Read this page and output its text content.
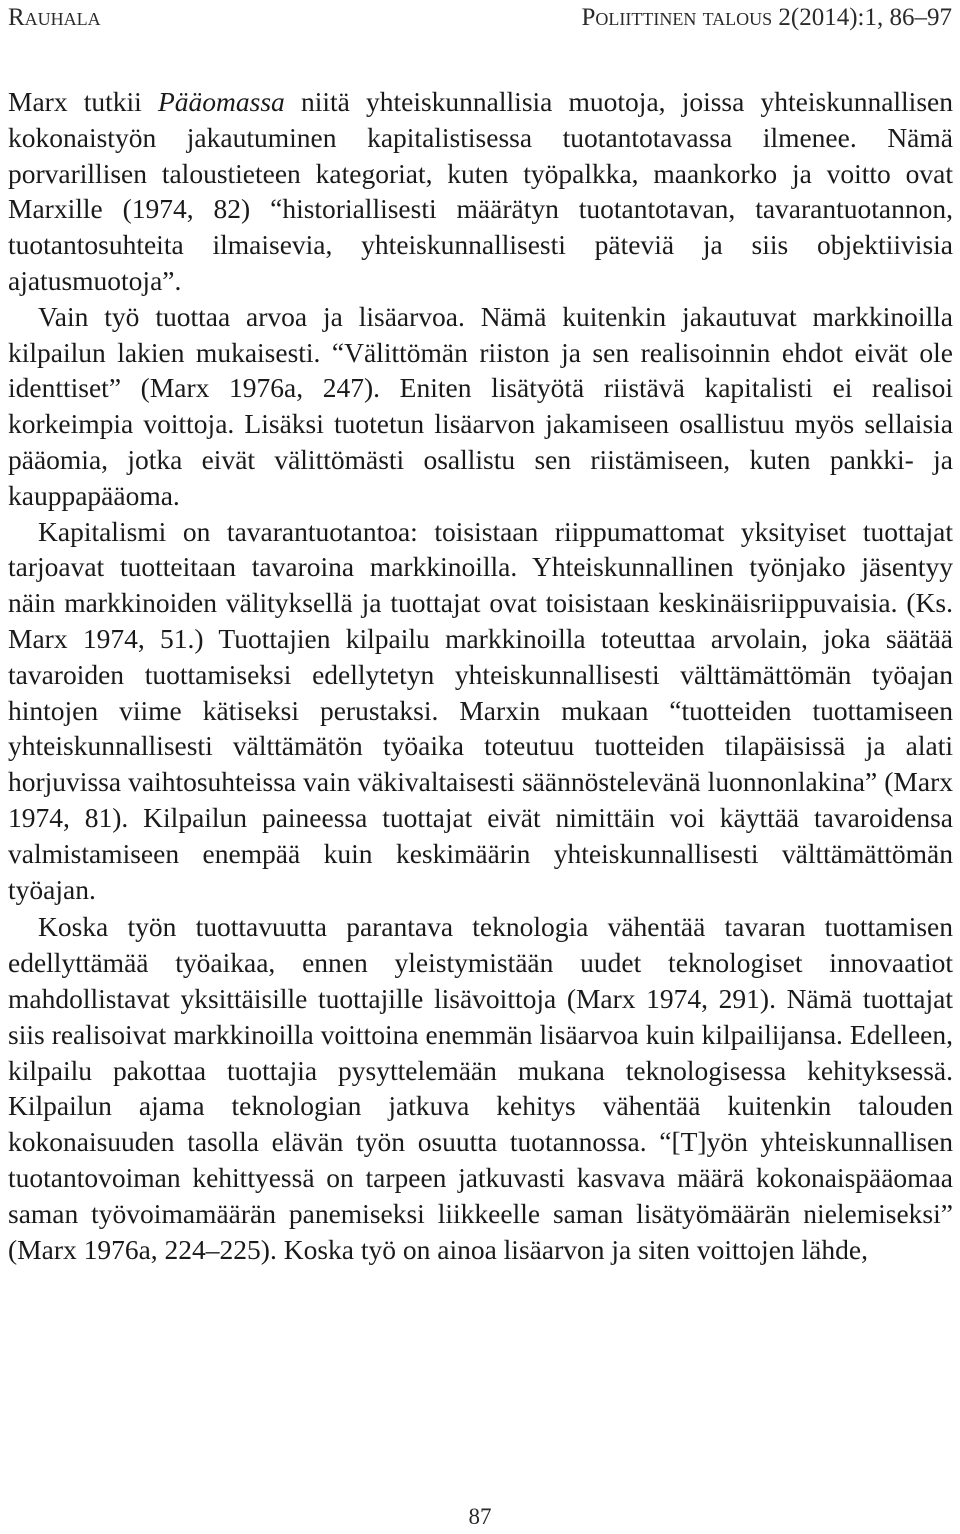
Rauhala	Poliittinen talous 2(2014):1, 86–97

Marx tutkii Pääomassa niitä yhteiskunnallisia muotoja, joissa yhteiskunnallisen kokonaistyön jakautuminen kapitalistisessa tuotantotavassa ilmenee. Nämä porvarillisen taloustieteen kategoriat, kuten työpalkka, maankorko ja voitto ovat Marxille (1974, 82) “historiallisesti määrätyn tuotantotavan, tavarantuotannon, tuotantosuhteita ilmaisevia, yhteiskunnallisesti päteviä ja siis objektiivisia ajatusmuotoja”.

Vain työ tuottaa arvoa ja lisäarvoa. Nämä kuitenkin jakautuvat markkinoilla kilpailun lakien mukaisesti. “Välittömän riiston ja sen realisoinnin ehdot eivät ole identtiset” (Marx 1976a, 247). Eniten lisätyötä riistävä kapitalisti ei realisoi korkeimpia voittoja. Lisäksi tuotetun lisäarvon jakamiseen osallistuu myös sellaisia pääomia, jotka eivät välittömästi osallistu sen riistämiseen, kuten pankki- ja kauppapääoma.

Kapitalismi on tavarantuotantoa: toisistaan riippumattomat yksityiset tuottajat tarjoavat tuotteitaan tavaroina markkinoilla. Yhteiskunnallinen työnjako jäsentyy näin markkinoiden välityksellä ja tuottajat ovat toisistaan keskinäisriippuvaisia. (Ks. Marx 1974, 51.) Tuottajien kilpailu markkinoilla toteuttaa arvolain, joka säätää tavaroiden tuottamiseksi edellytetyn yhteiskunnallisesti välttämättömän työajan hintojen viime kätiseksi perustaksi. Marxin mukaan “tuotteiden tuottamiseen yhteiskunnallisesti välttämätön työaika toteutuu tuotteiden tilapäisissä ja alati horjuvissa vaihtosuhteissa vain väkivaltaisesti säännöstelevänä luonnonlakina” (Marx 1974, 81). Kilpailun paineessa tuottajat eivät nimittäin voi käyttää tavaroidensa valmistamiseen enempää kuin keskimäärin yhteiskunnallisesti välttämättömän työajan.

Koska työn tuottavuutta parantava teknologia vähentää tavaran tuottamisen edellyttämää työaikaa, ennen yleistymistään uudet teknologiset innovaatiot mahdollistavat yksittäisille tuottajille lisävoittoja (Marx 1974, 291). Nämä tuottajat siis realisoivat markkinoilla voittoina enemmän lisäarvoa kuin kilpailijansa. Edelleen, kilpailu pakottaa tuottajia pysyttelemään mukana teknologisessa kehityksessä. Kilpailun ajama teknologian jatkuva kehitys vähentää kuitenkin talouden kokonaisuuden tasolla elävän työn osuutta tuotannossa. “[T]yön yhteiskunnallisen tuotantovoiman kehittyessä on tarpeen jatkuvasti kasvava määrä kokonaispääomaa saman työvoimamäärän panemiseksi liikkeelle saman lisätyömäärän nielemiseksi” (Marx 1976a, 224–225). Koska työ on ainoa lisäarvon ja siten voittojen lähde,

87
